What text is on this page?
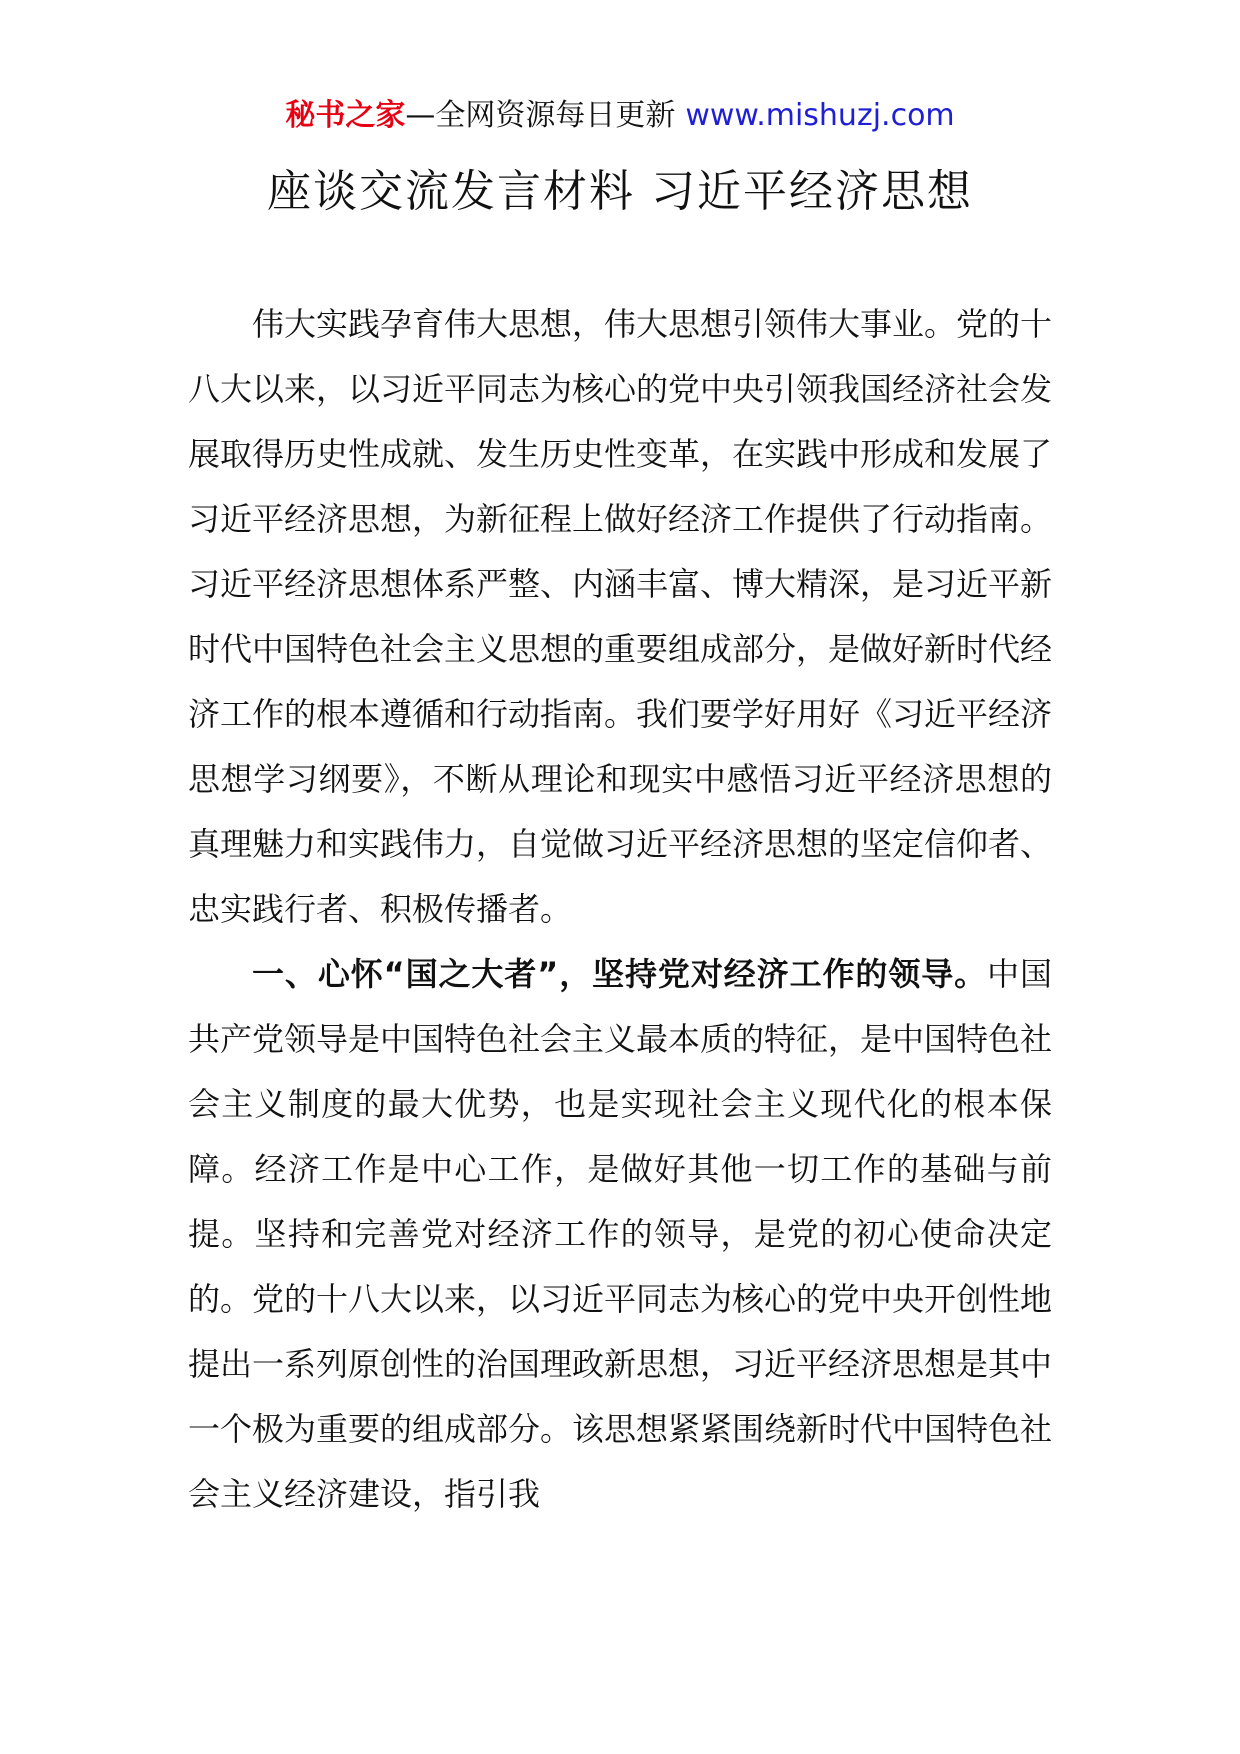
秘书之家—全网资源每日更新 www.mishuzj.com
座谈交流发言材料 习近平经济思想

伟大实践孕育伟大思想，伟大思想引领伟大事业。党的十八大以来，以习近平同志为核心的党中央引领我国经济社会发展取得历史性成就、发生历史性变革，在实践中形成和发展了习近平经济思想，为新征程上做好经济工作提供了行动指南。习近平经济思想体系严整、内涵丰富、博大精深，是习近平新时代中国特色社会主义思想的重要组成部分，是做好新时代经济工作的根本遵循和行动指南。我们要学好用好《习近平经济思想学习纲要》，不断从理论和现实中感悟习近平经济思想的真理魅力和实践伟力，自觉做习近平经济思想的坚定信仰者、忠实践行者、积极传播者。

一、心怀“国之大者”，坚持党对经济工作的领导。中国共产党领导是中国特色社会主义最本质的特征，是中国特色社会主义制度的最大优势，也是实现社会主义现代化的根本保障。经济工作是中心工作，是做好其他一切工作的基础与前提。坚持和完善党对经济工作的领导，是党的初心使命决定的。党的十八大以来，以习近平同志为核心的党中央开创性地提出一系列原创性的治国理政新思想，习近平经济思想是其中一个极为重要的组成部分。该思想紧紧围绕新时代中国特色社会主义经济建设，指引我
